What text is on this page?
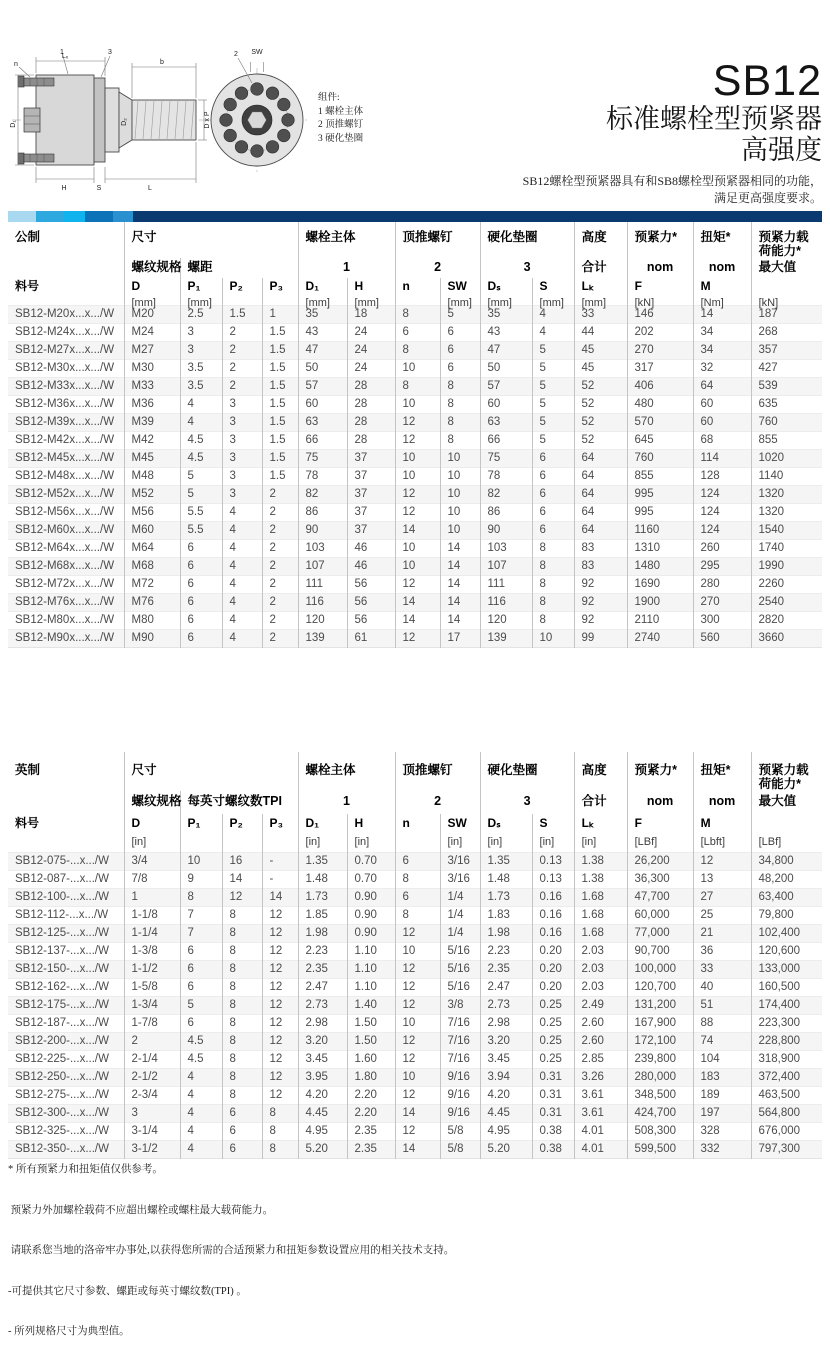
Lₓ
n
1	3
b
D₁	D₂	D x P
H	S	L
2 SW
组件:
1 螺栓主体
2 顶推螺钉
3 硬化垫圈
SB12
标准螺栓型预紧器
高强度
SB12螺栓型预紧器具有和SB8螺栓型预紧器相同的功能，
满足更高强度要求。
公制	尺寸				螺栓主体		顶推螺钉		硬化垫圈		高度	预紧力*	扭矩*	预紧力载荷能力*
	螺纹规格	螺距			1		2		3		合计	nom	nom	最大值
料号	D	P₁	P₂	P₃	D₁	H	n	SW	Dₛ	S	Lₖ	F	M	
	[mm]	[mm]			[mm]	[mm]		[mm]	[mm]	[mm]	[mm]	[kN]	[Nm]	[kN]
SB12-M20x...x.../W	M20	2.5	1.5	1	35	18	8	5	35	4	33	146	14	187
SB12-M24x...x.../W	M24	3	2	1.5	43	24	6	6	43	4	44	202	34	268
SB12-M27x...x.../W	M27	3	2	1.5	47	24	8	6	47	5	45	270	34	357
SB12-M30x...x.../W	M30	3.5	2	1.5	50	24	10	6	50	5	45	317	32	427
SB12-M33x...x.../W	M33	3.5	2	1.5	57	28	8	8	57	5	52	406	64	539
SB12-M36x...x.../W	M36	4	3	1.5	60	28	10	8	60	5	52	480	60	635
SB12-M39x...x.../W	M39	4	3	1.5	63	28	12	8	63	5	52	570	60	760
SB12-M42x...x.../W	M42	4.5	3	1.5	66	28	12	8	66	5	52	645	68	855
SB12-M45x...x.../W	M45	4.5	3	1.5	75	37	10	10	75	6	64	760	114	1020
SB12-M48x...x.../W	M48	5	3	1.5	78	37	10	10	78	6	64	855	128	1140
SB12-M52x...x.../W	M52	5	3	2	82	37	12	10	82	6	64	995	124	1320
SB12-M56x...x.../W	M56	5.5	4	2	86	37	12	10	86	6	64	995	124	1320
SB12-M60x...x.../W	M60	5.5	4	2	90	37	14	10	90	6	64	1160	124	1540
SB12-M64x...x.../W	M64	6	4	2	103	46	10	14	103	8	83	1310	260	1740
SB12-M68x...x.../W	M68	6	4	2	107	46	10	14	107	8	83	1480	295	1990
SB12-M72x...x.../W	M72	6	4	2	111	56	12	14	111	8	92	1690	280	2260
SB12-M76x...x.../W	M76	6	4	2	116	56	14	14	116	8	92	1900	270	2540
SB12-M80x...x.../W	M80	6	4	2	120	56	14	14	120	8	92	2110	300	2820
SB12-M90x...x.../W	M90	6	4	2	139	61	12	17	139	10	99	2740	560	3660
英制	尺寸				螺栓主体		顶推螺钉		硬化垫圈		高度	预紧力*	扭矩*	预紧力载荷能力*
	螺纹规格	每英寸螺纹数TPI			1		2		3		合计	nom	nom	最大值
料号	D	P₁	P₂	P₃	D₁	H	n	SW	Dₛ	S	Lₖ	F	M	
	[in]				[in]	[in]		[in]	[in]	[in]	[in]	[LBf]	[Lbft]	[LBf]
SB12-075-...x.../W	3/4	10	16	-	1.35	0.70	6	3/16	1.35	0.13	1.38	26,200	12	34,800
SB12-087-...x.../W	7/8	9	14	-	1.48	0.70	8	3/16	1.48	0.13	1.38	36,300	13	48,200
SB12-100-...x.../W	1	8	12	14	1.73	0.90	6	1/4	1.73	0.16	1.68	47,700	27	63,400
SB12-112-...x.../W	1-1/8	7	8	12	1.85	0.90	8	1/4	1.83	0.16	1.68	60,000	25	79,800
SB12-125-...x.../W	1-1/4	7	8	12	1.98	0.90	12	1/4	1.98	0.16	1.68	77,000	21	102,400
SB12-137-...x.../W	1-3/8	6	8	12	2.23	1.10	10	5/16	2.23	0.20	2.03	90,700	36	120,600
SB12-150-...x.../W	1-1/2	6	8	12	2.35	1.10	12	5/16	2.35	0.20	2.03	100,000	33	133,000
SB12-162-...x.../W	1-5/8	6	8	12	2.47	1.10	12	5/16	2.47	0.20	2.03	120,700	40	160,500
SB12-175-...x.../W	1-3/4	5	8	12	2.73	1.40	12	3/8	2.73	0.25	2.49	131,200	51	174,400
SB12-187-...x.../W	1-7/8	6	8	12	2.98	1.50	10	7/16	2.98	0.25	2.60	167,900	88	223,300
SB12-200-...x.../W	2	4.5	8	12	3.20	1.50	12	7/16	3.20	0.25	2.60	172,100	74	228,800
SB12-225-...x.../W	2-1/4	4.5	8	12	3.45	1.60	12	7/16	3.45	0.25	2.85	239,800	104	318,900
SB12-250-...x.../W	2-1/2	4	8	12	3.95	1.80	10	9/16	3.94	0.31	3.26	280,000	183	372,400
SB12-275-...x.../W	2-3/4	4	8	12	4.20	2.20	12	9/16	4.20	0.31	3.61	348,500	189	463,500
SB12-300-...x.../W	3	4	6	8	4.45	2.20	14	9/16	4.45	0.31	3.61	424,700	197	564,800
SB12-325-...x.../W	3-1/4	4	6	8	4.95	2.35	12	5/8	4.95	0.38	4.01	508,300	328	676,000
SB12-350-...x.../W	3-1/2	4	6	8	5.20	2.35	14	5/8	5.20	0.38	4.01	599,500	332	797,300

* 所有预紧力和扭矩值仅供参考。

预紧力外加螺栓载荷不应超出螺栓或螺柱最大载荷能力。

请联系您当地的洛帝牢办事处,以获得您所需的合适预紧力和扭矩参数设置应用的相关技术支持。

-可提供其它尺寸参数、螺距或每英寸螺纹数(TPI) 。

- 所列规格尺寸为典型值。
